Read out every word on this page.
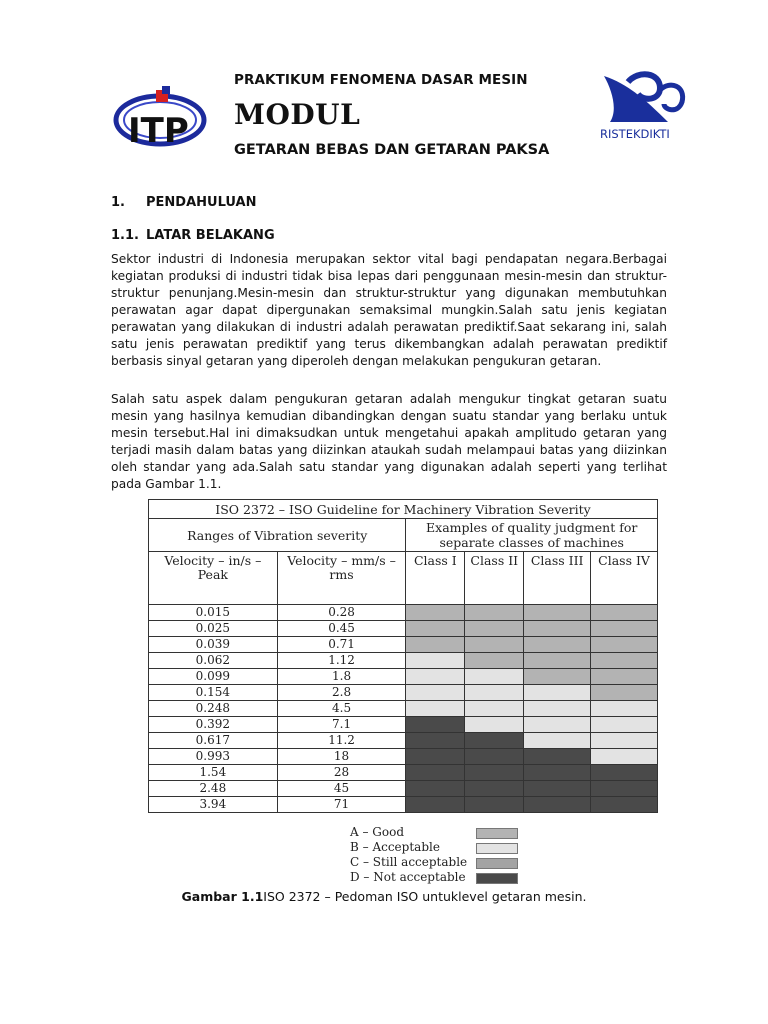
ITP	RISTEKDIKTI
PRAKTIKUM FENOMENA DASAR MESIN
MODUL
GETARAN BEBAS DAN GETARAN PAKSA
1. PENDAHULUAN
1.1. LATAR BELAKANG
Sektor industri di Indonesia merupakan sektor vital bagi pendapatan negara.Berbagai kegiatan produksi di industri tidak bisa lepas dari penggunaan mesin-mesin dan struktur-struktur penunjang.Mesin-mesin dan struktur-struktur yang digunakan membutuhkan perawatan agar dapat dipergunakan semaksimal mungkin.Salah satu jenis kegiatan perawatan yang dilakukan di industri adalah perawatan prediktif.Saat sekarang ini, salah satu jenis perawatan prediktif yang terus dikembangkan adalah perawatan prediktif berbasis sinyal getaran yang diperoleh dengan melakukan pengukuran getaran.
Salah satu aspek dalam pengukuran getaran adalah mengukur tingkat getaran suatu mesin yang hasilnya kemudian dibandingkan dengan suatu standar yang berlaku untuk mesin tersebut.Hal ini dimaksudkan untuk mengetahui apakah amplitudo getaran yang terjadi masih dalam batas yang diizinkan ataukah sudah melampaui batas yang diizinkan oleh standar yang ada.Salah satu standar yang digunakan adalah seperti yang terlihat pada Gambar 1.1.
ISO 2372 – ISO Guideline for Machinery Vibration Severity					
Ranges of Vibration severity		Examples of quality judgment for separate classes of machines			
Velocity – in/s – Peak	Velocity – mm/s – rms	Class I	Class II	Class III	Class IV
0.015	0.28				
0.025	0.45				
0.039	0.71				
0.062	1.12				
0.099	1.8				
0.154	2.8				
0.248	4.5				
0.392	7.1				
0.617	11.2				
0.993	18				
1.54	28				
2.48	45				
3.94	71				
A – Good
B – Acceptable
C – Still acceptable
D – Not acceptable
Gambar 1.1ISO 2372 – Pedoman ISO untuklevel getaran mesin.
